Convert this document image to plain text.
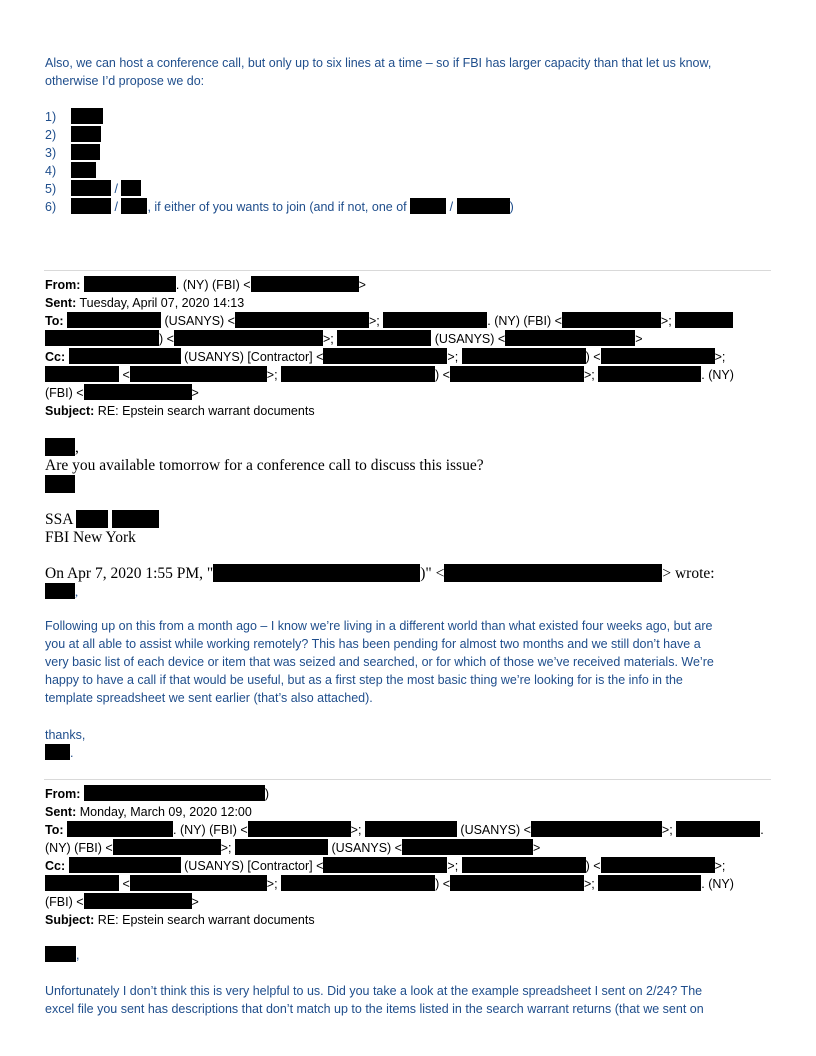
Also, we can host a conference call, but only up to six lines at a time – so if FBI has larger capacity than that let us know,

otherwise I’d propose we do:

1)

2)

3)

4)

5)	/

6)	/ , if either of you wants to join (and if not, one of	/	)

From:	. (NY) (FBI) <	>

Sent: Tuesday, April 07, 2020 14:13

To:	(USANYS) <	>;	. (NY) (FBI) <	>;

) <	>;	(USANYS) <	>

Cc:	(USANYS) [Contractor] <	>;	) <	>;

<	>;	) <	>;	. (NY)

(FBI) <	>

Subject: RE: Epstein search warrant documents

,

Are you available tomorrow for a conference call to discuss this issue?

SSA

FBI New York

On Apr 7, 2020 1:55 PM, "	)" <	> wrote:

,

Following up on this from a month ago – I know we’re living in a different world than what existed four weeks ago, but are

you at all able to assist while working remotely? This has been pending for almost two months and we still don’t have a

very basic list of each device or item that was seized and searched, or for which of those we’ve received materials. We’re

happy to have a call if that would be useful, but as a first step the most basic thing we’re looking for is the info in the

template spreadsheet we sent earlier (that’s also attached).

thanks,

.

From:	)

Sent: Monday, March 09, 2020 12:00

To:	. (NY) (FBI) <	>;	(USANYS) <	>;	.

(NY) (FBI) <	>;	(USANYS) <	>

Cc:	(USANYS) [Contractor] <	>;	) <	>;

<	>;	) <	>;	. (NY)

(FBI) <	>

Subject: RE: Epstein search warrant documents

,

Unfortunately I don’t think this is very helpful to us. Did you take a look at the example spreadsheet I sent on 2/24? The

excel file you sent has descriptions that don’t match up to the items listed in the search warrant returns (that we sent on
